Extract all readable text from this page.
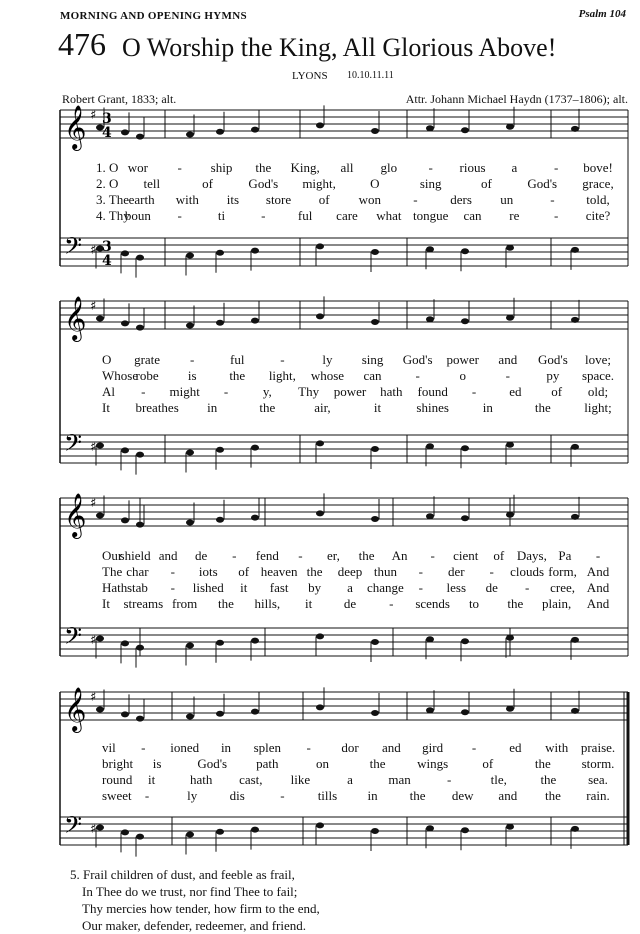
MORNING AND OPENING HYMNS	Psalm 104
476 O Worship the King, All Glorious Above!
LYONS 10.10.11.11
Robert Grant, 1833; alt.	Attr. Johann Michael Haydn (1737–1806); alt.
𝄞 ♯
𝄢 ♯
𝄞 ♯
𝄢 ♯
𝄞 ♯
𝄢 ♯
𝄞 ♯
𝄢 ♯
3
4
3
4
1. O wor - ship the King, all glo - rious a	- bove!
2. O tell	of	God's might,	O	sing	of	God's grace,
3. The earth with its store of won -	ders un	- told,
4. Thy
boun -	ti	- ful care what tongue can re	- cite?
O grate -	ful	-	ly sing God's power and God's love;
Whose
robe is	the light, whose can	-	o	-	py space.
Al - might -	y, Thy power hath found -	ed of old;
It breathes in	the	air,	it	shines	in	the	light;
Our
shield and de - fend - er, the An - cient of Days, Pa -
The char - iots of heaven the deep thun - der - clouds form, And
Hath stab - lished it fast by a change - less de - cree, And
It streams from the hills, it de	- scends to the plain, And
vil - ioned in splen - dor and gird -	ed with praise.
bright is	God's path	on	the wings	of	the storm.
round it	hath cast, like	a	man	-	tle,	the sea.
sweet -	ly dis	-	tills in the dew and the rain.
5. Frail children of dust, and feeble as frail,
In Thee do we trust, nor find Thee to fail;
Thy mercies how tender, how firm to the end,
Our maker, defender, redeemer, and friend.
